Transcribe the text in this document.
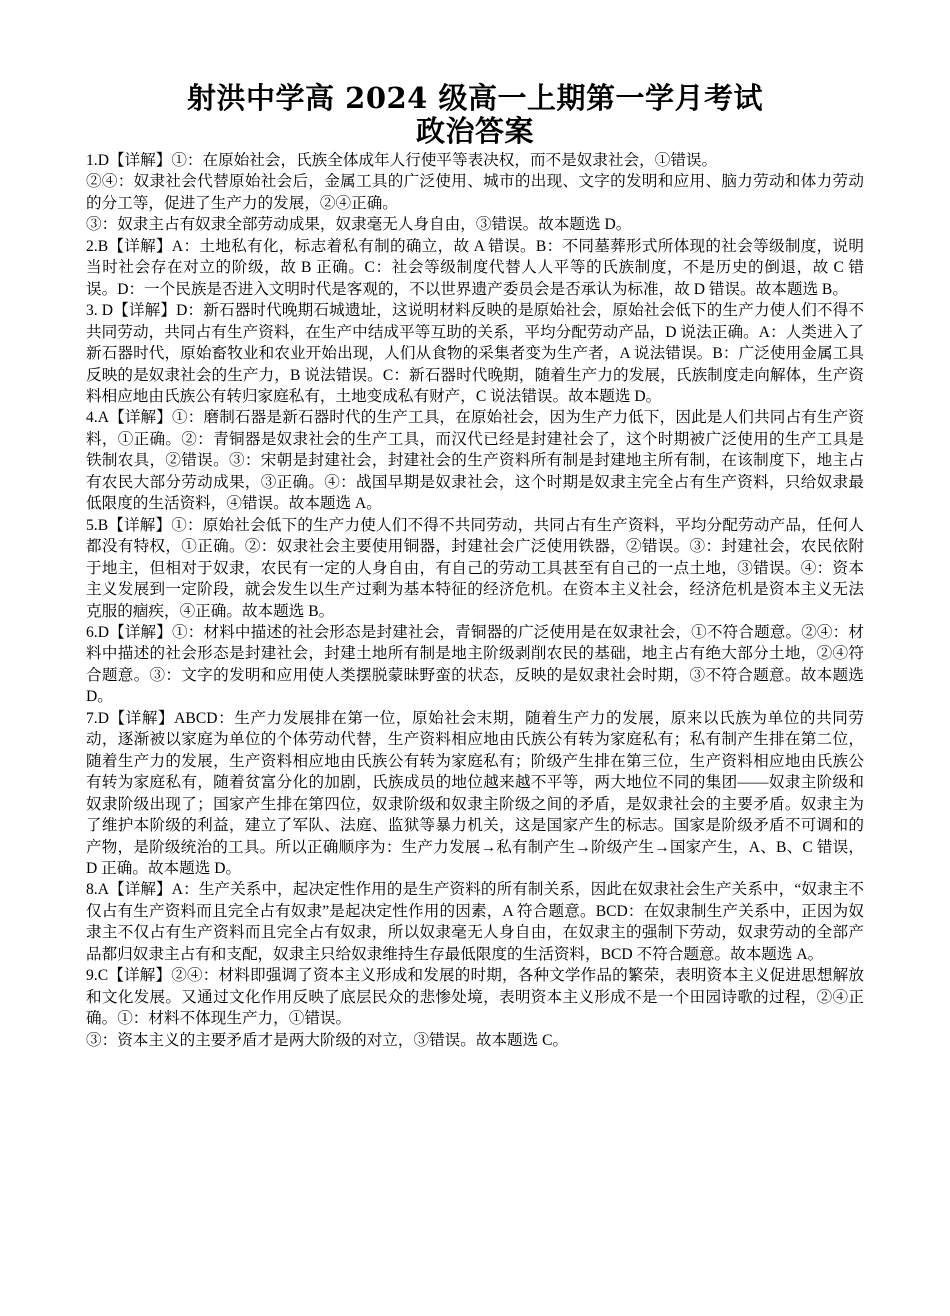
射洪中学高 2024 级高一上期第一学月考试
政治答案

1.D【详解】①：在原始社会，氏族全体成年人行使平等表决权，而不是奴隶社会，①错误。

②④：奴隶社会代替原始社会后，金属工具的广泛使用、城市的出现、文字的发明和应用、脑力劳动和体力劳动的分工等，促进了生产力的发展，②④正确。

③：奴隶主占有奴隶全部劳动成果，奴隶毫无人身自由，③错误。故本题选 D。

2.B【详解】A：土地私有化，标志着私有制的确立，故 A 错误。B：不同墓葬形式所体现的社会等级制度，说明当时社会存在对立的阶级，故 B 正确。C：社会等级制度代替人人平等的氏族制度，不是历史的倒退，故 C 错误。D：一个民族是否进入文明时代是客观的，不以世界遗产委员会是否承认为标准，故 D 错误。故本题选 B。

3. D【详解】D：新石器时代晚期石城遗址，这说明材料反映的是原始社会，原始社会低下的生产力使人们不得不共同劳动，共同占有生产资料，在生产中结成平等互助的关系，平均分配劳动产品，D 说法正确。A：人类进入了新石器时代，原始畜牧业和农业开始出现，人们从食物的采集者变为生产者，A 说法错误。B：广泛使用金属工具反映的是奴隶社会的生产力，B 说法错误。C：新石器时代晚期，随着生产力的发展，氏族制度走向解体，生产资料相应地由氏族公有转归家庭私有，土地变成私有财产，C 说法错误。故本题选 D。

4.A【详解】①：磨制石器是新石器时代的生产工具，在原始社会，因为生产力低下，因此是人们共同占有生产资料，①正确。②：青铜器是奴隶社会的生产工具，而汉代已经是封建社会了，这个时期被广泛使用的生产工具是铁制农具，②错误。③：宋朝是封建社会，封建社会的生产资料所有制是封建地主所有制，在该制度下，地主占有农民大部分劳动成果，③正确。④：战国早期是奴隶社会，这个时期是奴隶主完全占有生产资料，只给奴隶最低限度的生活资料，④错误。故本题选 A。

5.B【详解】①：原始社会低下的生产力使人们不得不共同劳动，共同占有生产资料，平均分配劳动产品，任何人都没有特权，①正确。②：奴隶社会主要使用铜器，封建社会广泛使用铁器，②错误。③：封建社会，农民依附于地主，但相对于奴隶，农民有一定的人身自由，有自己的劳动工具甚至有自己的一点土地，③错误。④：资本主义发展到一定阶段，就会发生以生产过剩为基本特征的经济危机。在资本主义社会，经济危机是资本主义无法克服的痼疾，④正确。故本题选 B。

6.D【详解】①：材料中描述的社会形态是封建社会，青铜器的广泛使用是在奴隶社会，①不符合题意。②④：材料中描述的社会形态是封建社会，封建土地所有制是地主阶级剥削农民的基础，地主占有绝大部分土地，②④符合题意。③：文字的发明和应用使人类摆脱蒙昧野蛮的状态，反映的是奴隶社会时期，③不符合题意。故本题选 D。

7.D【详解】ABCD：生产力发展排在第一位，原始社会末期，随着生产力的发展，原来以氏族为单位的共同劳动，逐渐被以家庭为单位的个体劳动代替，生产资料相应地由氏族公有转为家庭私有；私有制产生排在第二位，随着生产力的发展，生产资料相应地由氏族公有转为家庭私有；阶级产生排在第三位，生产资料相应地由氏族公有转为家庭私有，随着贫富分化的加剧，氏族成员的地位越来越不平等，两大地位不同的集团——奴隶主阶级和奴隶阶级出现了；国家产生排在第四位，奴隶阶级和奴隶主阶级之间的矛盾，是奴隶社会的主要矛盾。奴隶主为了维护本阶级的利益，建立了军队、法庭、监狱等暴力机关，这是国家产生的标志。国家是阶级矛盾不可调和的产物，是阶级统治的工具。所以正确顺序为：生产力发展→私有制产生→阶级产生→国家产生，A、B、C 错误，D 正确。故本题选 D。

8.A【详解】A：生产关系中，起决定性作用的是生产资料的所有制关系，因此在奴隶社会生产关系中，“奴隶主不仅占有生产资料而且完全占有奴隶”是起决定性作用的因素，A 符合题意。BCD：在奴隶制生产关系中，正因为奴隶主不仅占有生产资料而且完全占有奴隶，所以奴隶毫无人身自由，在奴隶主的强制下劳动，奴隶劳动的全部产品都归奴隶主占有和支配，奴隶主只给奴隶维持生存最低限度的生活资料，BCD 不符合题意。故本题选 A。

9.C【详解】②④：材料即强调了资本主义形成和发展的时期，各种文学作品的繁荣，表明资本主义促进思想解放和文化发展。又通过文化作用反映了底层民众的悲惨处境，表明资本主义形成不是一个田园诗歌的过程，②④正确。①：材料不体现生产力，①错误。

③：资本主义的主要矛盾才是两大阶级的对立，③错误。故本题选 C。
